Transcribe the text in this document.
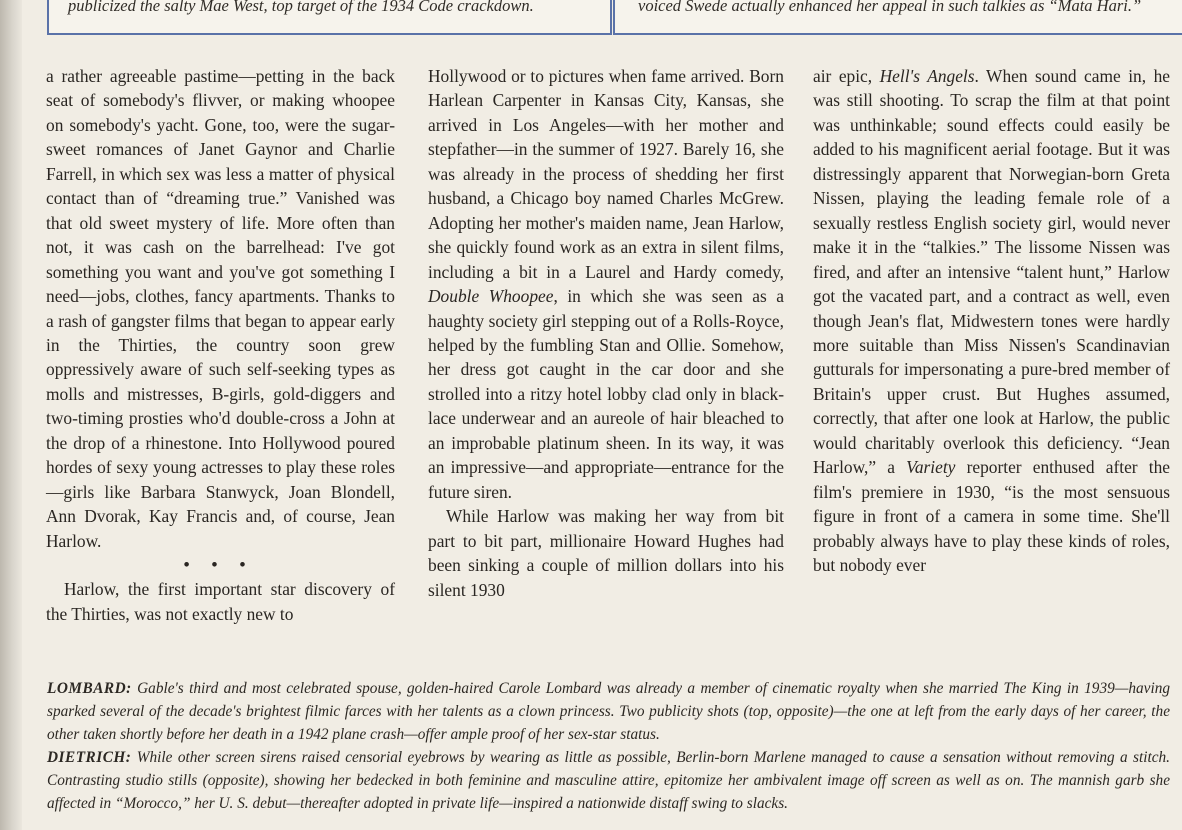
publicized the salty Mae West, top target of the 1934 Code crackdown.	voiced Swede actually enhanced her appeal in such talkies as “Mata Hari.”

a rather agreeable pastime—petting in the back seat of somebody's flivver, or making whoopee on somebody's yacht. Gone, too, were the sugar-sweet romances of Janet Gaynor and Charlie Farrell, in which sex was less a matter of physical contact than of “dreaming true.” Vanished was that old sweet mystery of life. More often than not, it was cash on the barrelhead: I've got something you want and you've got something I need—jobs, clothes, fancy apartments. Thanks to a rash of gangster films that began to appear early in the Thirties, the country soon grew oppressively aware of such self-seeking types as molls and mistresses, B-girls, gold-diggers and two-timing prosties who'd double-cross a John at the drop of a rhinestone. Into Hollywood poured hordes of sexy young actresses to play these roles—girls like Barbara Stanwyck, Joan Blondell, Ann Dvorak, Kay Francis and, of course, Jean Harlow.

•••

Harlow, the first important star discovery of the Thirties, was not exactly new to

Hollywood or to pictures when fame arrived. Born Harlean Carpenter in Kansas City, Kansas, she arrived in Los Angeles—with her mother and stepfather—in the summer of 1927. Barely 16, she was already in the process of shedding her first husband, a Chicago boy named Charles McGrew. Adopting her mother's maiden name, Jean Harlow, she quickly found work as an extra in silent films, including a bit in a Laurel and Hardy comedy, Double Whoopee, in which she was seen as a haughty society girl stepping out of a Rolls-Royce, helped by the fumbling Stan and Ollie. Somehow, her dress got caught in the car door and she strolled into a ritzy hotel lobby clad only in black-lace underwear and an aureole of hair bleached to an improbable platinum sheen. In its way, it was an impressive—and appropriate—entrance for the future siren.

While Harlow was making her way from bit part to bit part, millionaire Howard Hughes had been sinking a couple of million dollars into his silent 1930

air epic, Hell's Angels. When sound came in, he was still shooting. To scrap the film at that point was unthinkable; sound effects could easily be added to his magnificent aerial footage. But it was distressingly apparent that Norwegian-born Greta Nissen, playing the leading female role of a sexually restless English society girl, would never make it in the “talkies.” The lissome Nissen was fired, and after an intensive “talent hunt,” Harlow got the vacated part, and a contract as well, even though Jean's flat, Midwestern tones were hardly more suitable than Miss Nissen's Scandinavian gutturals for impersonating a pure-bred member of Britain's upper crust. But Hughes assumed, correctly, that after one look at Harlow, the public would charitably overlook this deficiency. “Jean Harlow,” a Variety reporter enthused after the film's premiere in 1930, “is the most sensuous figure in front of a camera in some time. She'll probably always have to play these kinds of roles, but nobody ever

LOMBARD: Gable's third and most celebrated spouse, golden-haired Carole Lombard was already a member of cinematic royalty when she married The King in 1939—having sparked several of the decade's brightest filmic farces with her talents as a clown princess. Two publicity shots (top, opposite)—the one at left from the early days of her career, the other taken shortly before her death in a 1942 plane crash—offer ample proof of her sex-star status.

DIETRICH: While other screen sirens raised censorial eyebrows by wearing as little as possible, Berlin-born Marlene managed to cause a sensation without removing a stitch. Contrasting studio stills (opposite), showing her bedecked in both feminine and masculine attire, epitomize her ambivalent image off screen as well as on. The mannish garb she affected in “Morocco,” her U. S. debut—thereafter adopted in private life—inspired a nationwide distaff swing to slacks.
